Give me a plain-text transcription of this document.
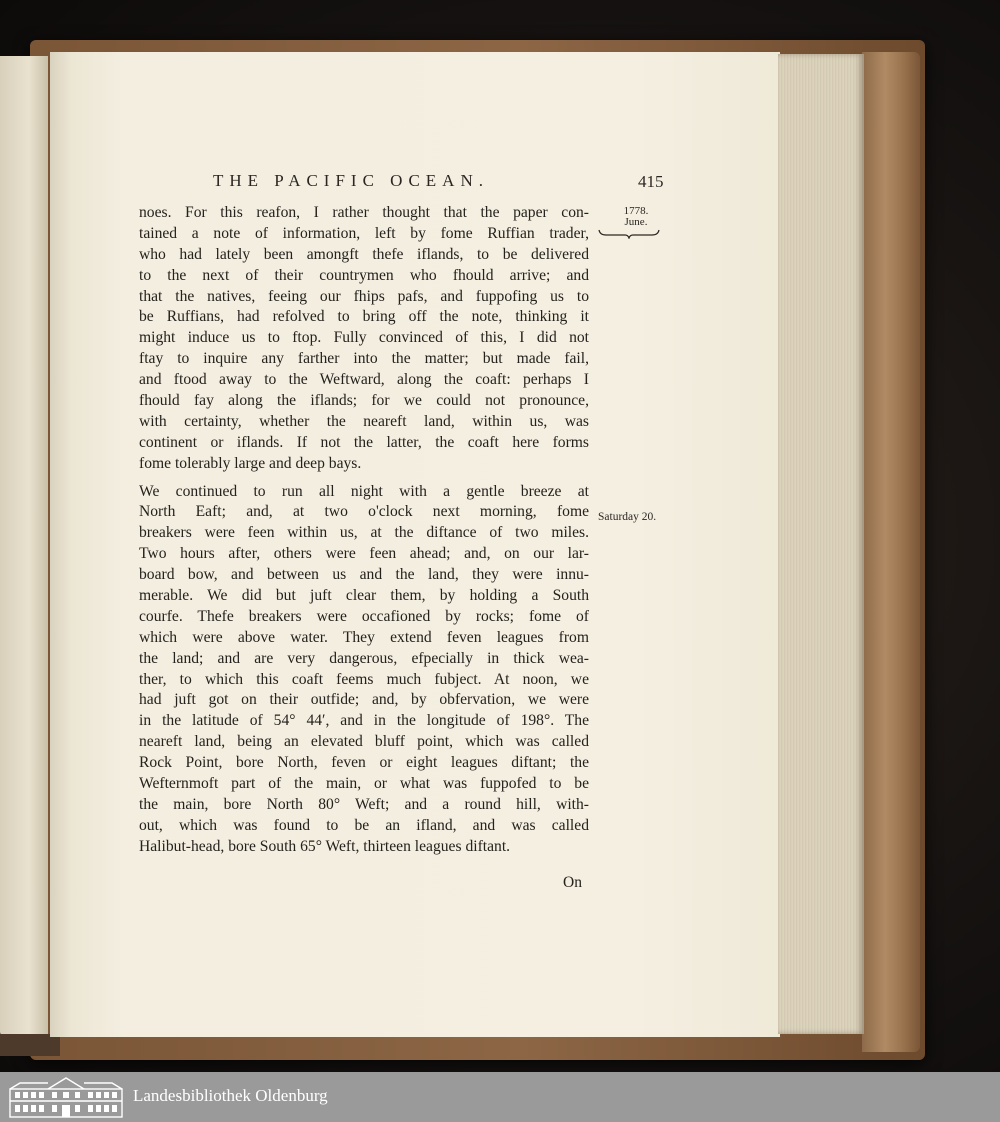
THE PACIFIC OCEAN.	415
1778.
June.
Saturday 20.
noes. For this reafon, I rather thought that the paper con-
tained a note of information, left by fome Ruffian trader,
who had lately been amongft thefe iflands, to be delivered
to the next of their countrymen who fhould arrive; and
that the natives, feeing our fhips pafs, and fuppofing us to
be Ruffians, had refolved to bring off the note, thinking it
might induce us to ftop. Fully convinced of this, I did not
ftay to inquire any farther into the matter; but made fail,
and ftood away to the Weftward, along the coaft: perhaps I
fhould fay along the iflands; for we could not pronounce,
with certainty, whether the neareft land, within us, was
continent or iflands. If not the latter, the coaft here forms
fome tolerably large and deep bays.
We continued to run all night with a gentle breeze at
North Eaft; and, at two o'clock next morning, fome
breakers were feen within us, at the diftance of two miles.
Two hours after, others were feen ahead; and, on our lar-
board bow, and between us and the land, they were innu-
merable. We did but juft clear them, by holding a South
courfe. Thefe breakers were occafioned by rocks; fome of
which were above water. They extend feven leagues from
the land; and are very dangerous, efpecially in thick wea-
ther, to which this coaft feems much fubject. At noon, we
had juft got on their outfide; and, by obfervation, we were
in the latitude of 54° 44′, and in the longitude of 198°. The
neareft land, being an elevated bluff point, which was called
Rock Point, bore North, feven or eight leagues diftant; the
Wefternmoft part of the main, or what was fuppofed to be
the main, bore North 80° Weft; and a round hill, with-
out, which was found to be an ifland, and was called
Halibut-head, bore South 65° Weft, thirteen leagues diftant.
On
Landesbibliothek Oldenburg
